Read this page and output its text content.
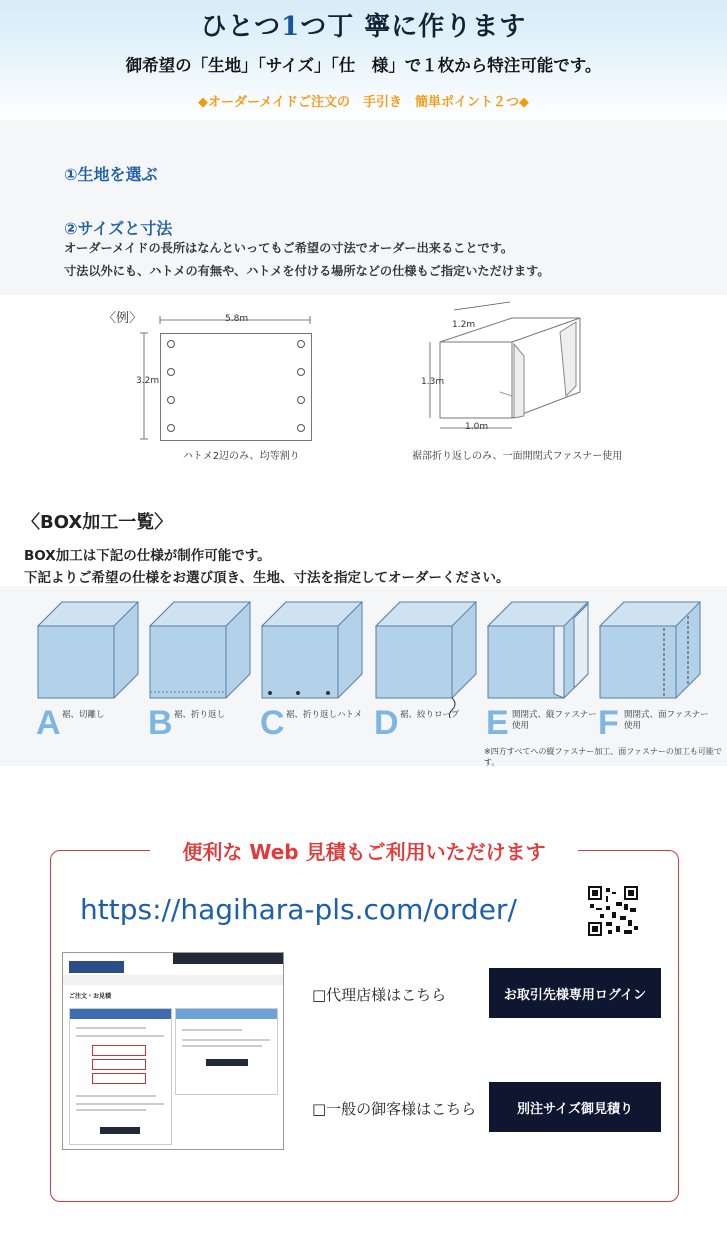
ひとつ1つ丁 寧に作ります
御希望の「生地」「サイズ」「仕　様」で１枚から特注可能です。
◆オーダーメイドご注文の　手引き　簡単ポイント２つ◆
①生地を選ぶ
②サイズと寸法
オーダーメイドの長所はなんといってもご希望の寸法でオーダー出来ることです。
寸法以外にも、ハトメの有無や、ハトメを付ける場所などの仕様もご指定いただけます。
〈例〉	5.8m
3.2m
ハトメ2辺のみ、均等割り
1.2m
1.3m
1.0m
裾部折り返しのみ、一面開閉式ファスナー使用
〈BOX加工一覧〉
BOX加工は下記の仕様が制作可能です。
下記よりご希望の仕様をお選び頂き、生地、寸法を指定してオーダーください。
A 裾、切離し	B 裾、折り返し	C 裾、折り返しハトメ D 裾、絞りロープ E 開閉式、縦ファスナー使用	F 開閉式、面ファスナー使用
※四方すべてへの縦ファスナー加工、面ファスナーの加工も可能です。
便利な Web 見積もご利用いただけます
https://hagihara-pls.com/order/
ご注文・お見積	□代理店様はこちら	お取引先様専用ログイン
□一般の御客様はこちら	別注サイズ御見積り
